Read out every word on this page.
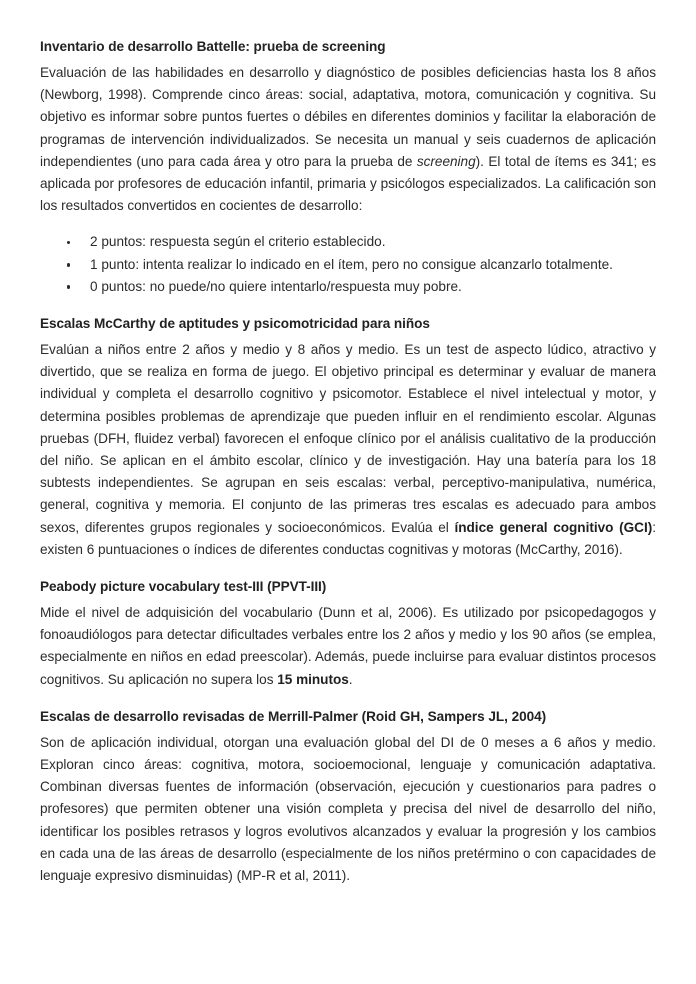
Inventario de desarrollo Battelle: prueba de screening

Evaluación de las habilidades en desarrollo y diagnóstico de posibles deficiencias hasta los 8 años (Newborg, 1998). Comprende cinco áreas: social, adaptativa, motora, comunicación y cognitiva. Su objetivo es informar sobre puntos fuertes o débiles en diferentes dominios y facilitar la elaboración de programas de intervención individualizados. Se necesita un manual y seis cuadernos de aplicación independientes (uno para cada área y otro para la prueba de screening). El total de ítems es 341; es aplicada por profesores de educación infantil, primaria y psicólogos especializados. La calificación son los resultados convertidos en cocientes de desarrollo:

2 puntos: respuesta según el criterio establecido.
1 punto: intenta realizar lo indicado en el ítem, pero no consigue alcanzarlo totalmente.
0 puntos: no puede/no quiere intentarlo/respuesta muy pobre.
Escalas McCarthy de aptitudes y psicomotricidad para niños

Evalúan a niños entre 2 años y medio y 8 años y medio. Es un test de aspecto lúdico, atractivo y divertido, que se realiza en forma de juego. El objetivo principal es determinar y evaluar de manera individual y completa el desarrollo cognitivo y psicomotor. Establece el nivel intelectual y motor, y determina posibles problemas de aprendizaje que pueden influir en el rendimiento escolar. Algunas pruebas (DFH, fluidez verbal) favorecen el enfoque clínico por el análisis cualitativo de la producción del niño. Se aplican en el ámbito escolar, clínico y de investigación. Hay una batería para los 18 subtests independientes. Se agrupan en seis escalas: verbal, perceptivo-manipulativa, numérica, general, cognitiva y memoria. El conjunto de las primeras tres escalas es adecuado para ambos sexos, diferentes grupos regionales y socioeconómicos. Evalúa el índice general cognitivo (GCI): existen 6 puntuaciones o índices de diferentes conductas cognitivas y motoras (McCarthy, 2016).

Peabody picture vocabulary test-III (PPVT-III)

Mide el nivel de adquisición del vocabulario (Dunn et al, 2006). Es utilizado por psicopedagogos y fonoaudiólogos para detectar dificultades verbales entre los 2 años y medio y los 90 años (se emplea, especialmente en niños en edad preescolar). Además, puede incluirse para evaluar distintos procesos cognitivos. Su aplicación no supera los 15 minutos.

Escalas de desarrollo revisadas de Merrill-Palmer (Roid GH, Sampers JL, 2004)

Son de aplicación individual, otorgan una evaluación global del DI de 0 meses a 6 años y medio. Exploran cinco áreas: cognitiva, motora, socioemocional, lenguaje y comunicación adaptativa. Combinan diversas fuentes de información (observación, ejecución y cuestionarios para padres o profesores) que permiten obtener una visión completa y precisa del nivel de desarrollo del niño, identificar los posibles retrasos y logros evolutivos alcanzados y evaluar la progresión y los cambios en cada una de las áreas de desarrollo (especialmente de los niños pretérmino o con capacidades de lenguaje expresivo disminuidas) (MP-R et al, 2011).
